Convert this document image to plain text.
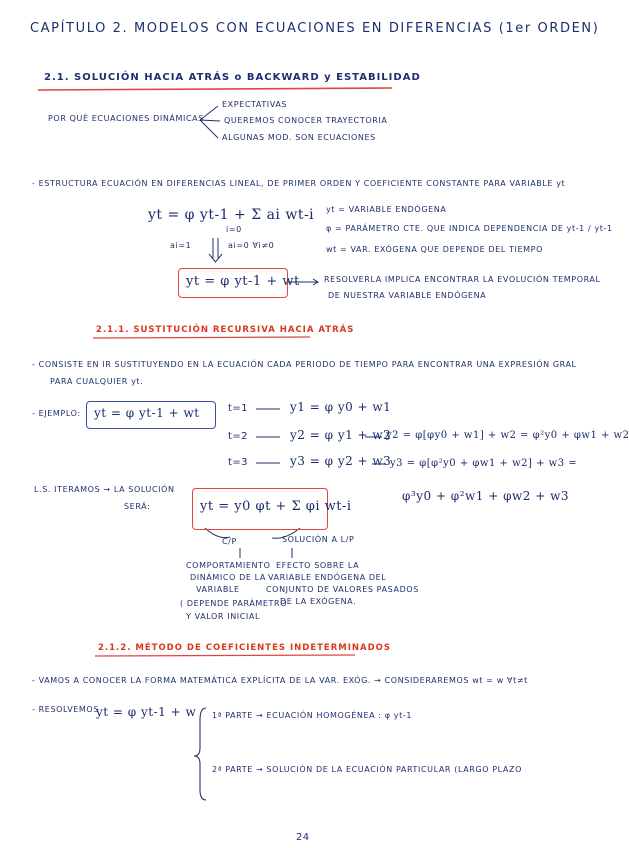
CAPÍTULO 2. MODELOS CON ECUACIONES EN DIFERENCIAS (1er ORDEN)
2.1. SOLUCIÓN HACIA ATRÁS o BACKWARD y ESTABILIDAD
POR QUÉ ECUACIONES DINÁMICAS
EXPECTATIVAS
QUEREMOS CONOCER TRAYECTORIA
ALGUNAS MOD. SON ECUACIONES
- ESTRUCTURA ECUACIÓN EN DIFERENCIAS LINEAL, DE PRIMER ORDEN Y COEFICIENTE CONSTANTE PARA VARIABLE yt
yt = φ yt-1 + Σ ai wt-i
i=0
ai=1	ai=0 ∀i≠0
yt = VARIABLE ENDÓGENA
φ = PARÁMETRO CTE. QUE INDICA DEPENDENCIA DE yt-1 / yt-1
wt = VAR. EXÓGENA QUE DEPENDE DEL TIEMPO
yt = φ yt-1 + wt	RESOLVERLA IMPLICA ENCONTRAR LA EVOLUCIÓN TEMPORAL
DE NUESTRA VARIABLE ENDÓGENA
2.1.1. SUSTITUCIÓN RECURSIVA HACIA ATRÁS
- CONSISTE EN IR SUSTITUYENDO EN LA ECUACIÓN CADA PERIODO DE TIEMPO PARA ENCONTRAR UNA EXPRESIÓN GRAL
PARA CUALQUIER yt.
- EJEMPLO: yt = φ yt-1 + wt	t=1	y1 = φ y0 + w1
t=2	y2 = φ y1 + w2
y2 = φ[φy0 + w1] + w2 = φ²y0 + φw1 + w2
t=3	y3 = φ y2 + w3
y3 = φ[φ²y0 + φw1 + w2] + w3 =
φ³y0 + φ²w1 + φw2 + w3
L.S. ITERAMOS → LA SOLUCIÓN
SERÁ:	yt = y0 φt + Σ φi wt-i
C/P	SOLUCIÓN A L/P
COMPORTAMIENTO
DINÁMICO DE LA
VARIABLE
( DEPENDE PARÁMETRO
Y VALOR INICIAL
EFECTO SOBRE LA
VARIABLE ENDÓGENA DEL
CONJUNTO DE VALORES PASADOS
DE LA EXÓGENA.
2.1.2. MÉTODO DE COEFICIENTES INDETERMINADOS
- VAMOS A CONOCER LA FORMA MATEMÁTICA EXPLÍCITA DE LA VAR. EXÓG. → CONSIDERAREMOS wt = w ∀t≠t
- RESOLVEMOS
yt = φ yt-1 + w 1ª PARTE → ECUACIÓN HOMOGÉNEA : φ yt-1
2ª PARTE → SOLUCIÓN DE LA ECUACIÓN PARTICULAR (LARGO PLAZO
24
